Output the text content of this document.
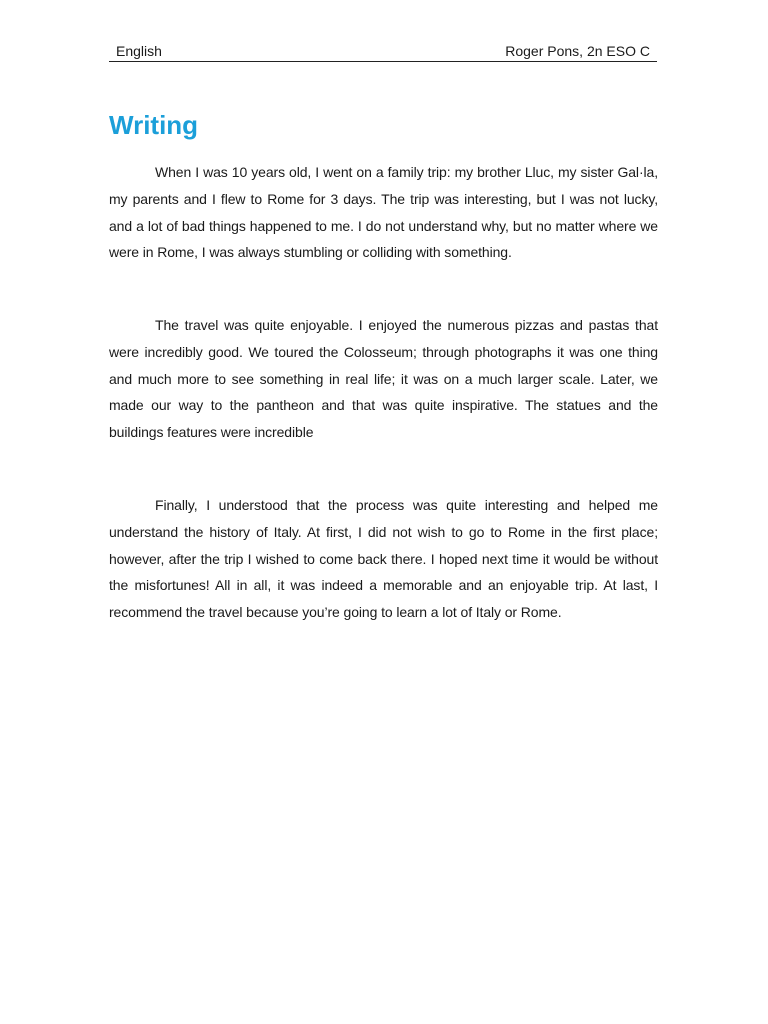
English	Roger Pons, 2n ESO C
Writing

When I was 10 years old, I went on a family trip: my brother Lluc, my sister Gal·la, my parents and I flew to Rome for 3 days. The trip was interesting, but I was not lucky, and a lot of bad things happened to me. I do not understand why, but no matter where we were in Rome, I was always stumbling or colliding with something.

The travel was quite enjoyable. I enjoyed the numerous pizzas and pastas that were incredibly good. We toured the Colosseum; through photographs it was one thing and much more to see something in real life; it was on a much larger scale. Later, we made our way to the pantheon and that was quite inspirative. The statues and the buildings features were incredible

Finally, I understood that the process was quite interesting and helped me understand the history of Italy. At first, I did not wish to go to Rome in the first place; however, after the trip I wished to come back there. I hoped next time it would be without the misfortunes! All in all, it was indeed a memorable and an enjoyable trip. At last, I recommend the travel because you’re going to learn a lot of Italy or Rome.
